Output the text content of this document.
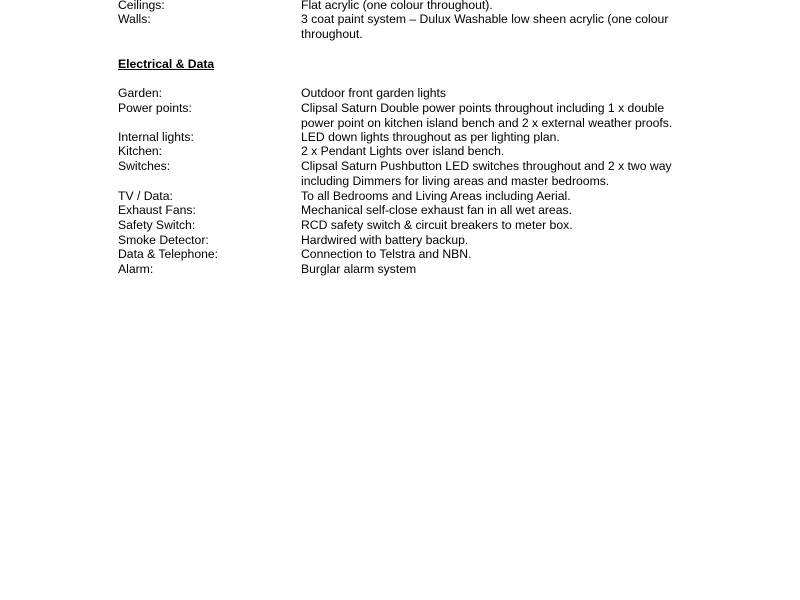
Ceilings:	Flat acrylic (one colour throughout).
Walls:	3 coat paint system – Dulux Washable low sheen acrylic (one colour throughout.
Electrical & Data
Garden:	Outdoor front garden lights
Power points:	Clipsal Saturn Double power points throughout including 1 x double power point on kitchen island bench and 2 x external weather proofs.
Internal lights:	LED down lights throughout as per lighting plan.
Kitchen:	2 x Pendant Lights over island bench.
Switches:	Clipsal Saturn Pushbutton LED switches throughout and 2 x two way including Dimmers for living areas and master bedrooms.
TV / Data:	To all Bedrooms and Living Areas including Aerial.
Exhaust Fans:	Mechanical self-close exhaust fan in all wet areas.
Safety Switch:	RCD safety switch & circuit breakers to meter box.
Smoke Detector:	Hardwired with battery backup.
Data & Telephone:	Connection to Telstra and NBN.
Alarm:	Burglar alarm system
